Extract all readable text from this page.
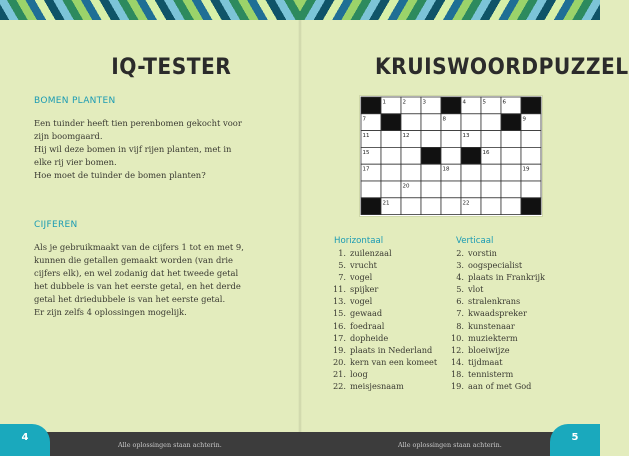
IQ-TESTER
BOMEN PLANTEN
Een tuinder heeft tien perenbomen gekocht voor
zijn boomgaard.
Hij wil deze bomen in vijf rijen planten, met in
elke rij vier bomen.
Hoe moet de tuinder de bomen planten?
CIJFEREN
Als je gebruikmaakt van de cijfers 1 tot en met 9,
kunnen die getallen gemaakt worden (van drie
cijfers elk), en wel zodanig dat het tweede getal
het dubbele is van het eerste getal, en het derde
getal het driedubbele is van het eerste getal.
Er zijn zelfs 4 oplossingen mogelijk.
KRUISWOORDPUZZEL
1	2	3	4	5	6
7	8	9
11	12	13
15	16
17	18	19
20
21	22
Horizontaal
1. zuilenzaal
5. vrucht
7. vogel
11. spijker
13. vogel
15. gewaad
16. foedraal
17. dopheide
19. plaats in Nederland
20. kern van een komeet
21. loog
22. meisjesnaam
Verticaal
2. vorstin
3. oogspecialist
4. plaats in Frankrijk
5. vlot
6. stralenkrans
7. kwaadspreker
8. kunstenaar
10. muziekterm
12. bloeiwijze
14. tijdmaat
18. tennisterm
19. aan of met God
Alle oplossingen staan achterin.	Alle oplossingen staan achterin.
4	5
